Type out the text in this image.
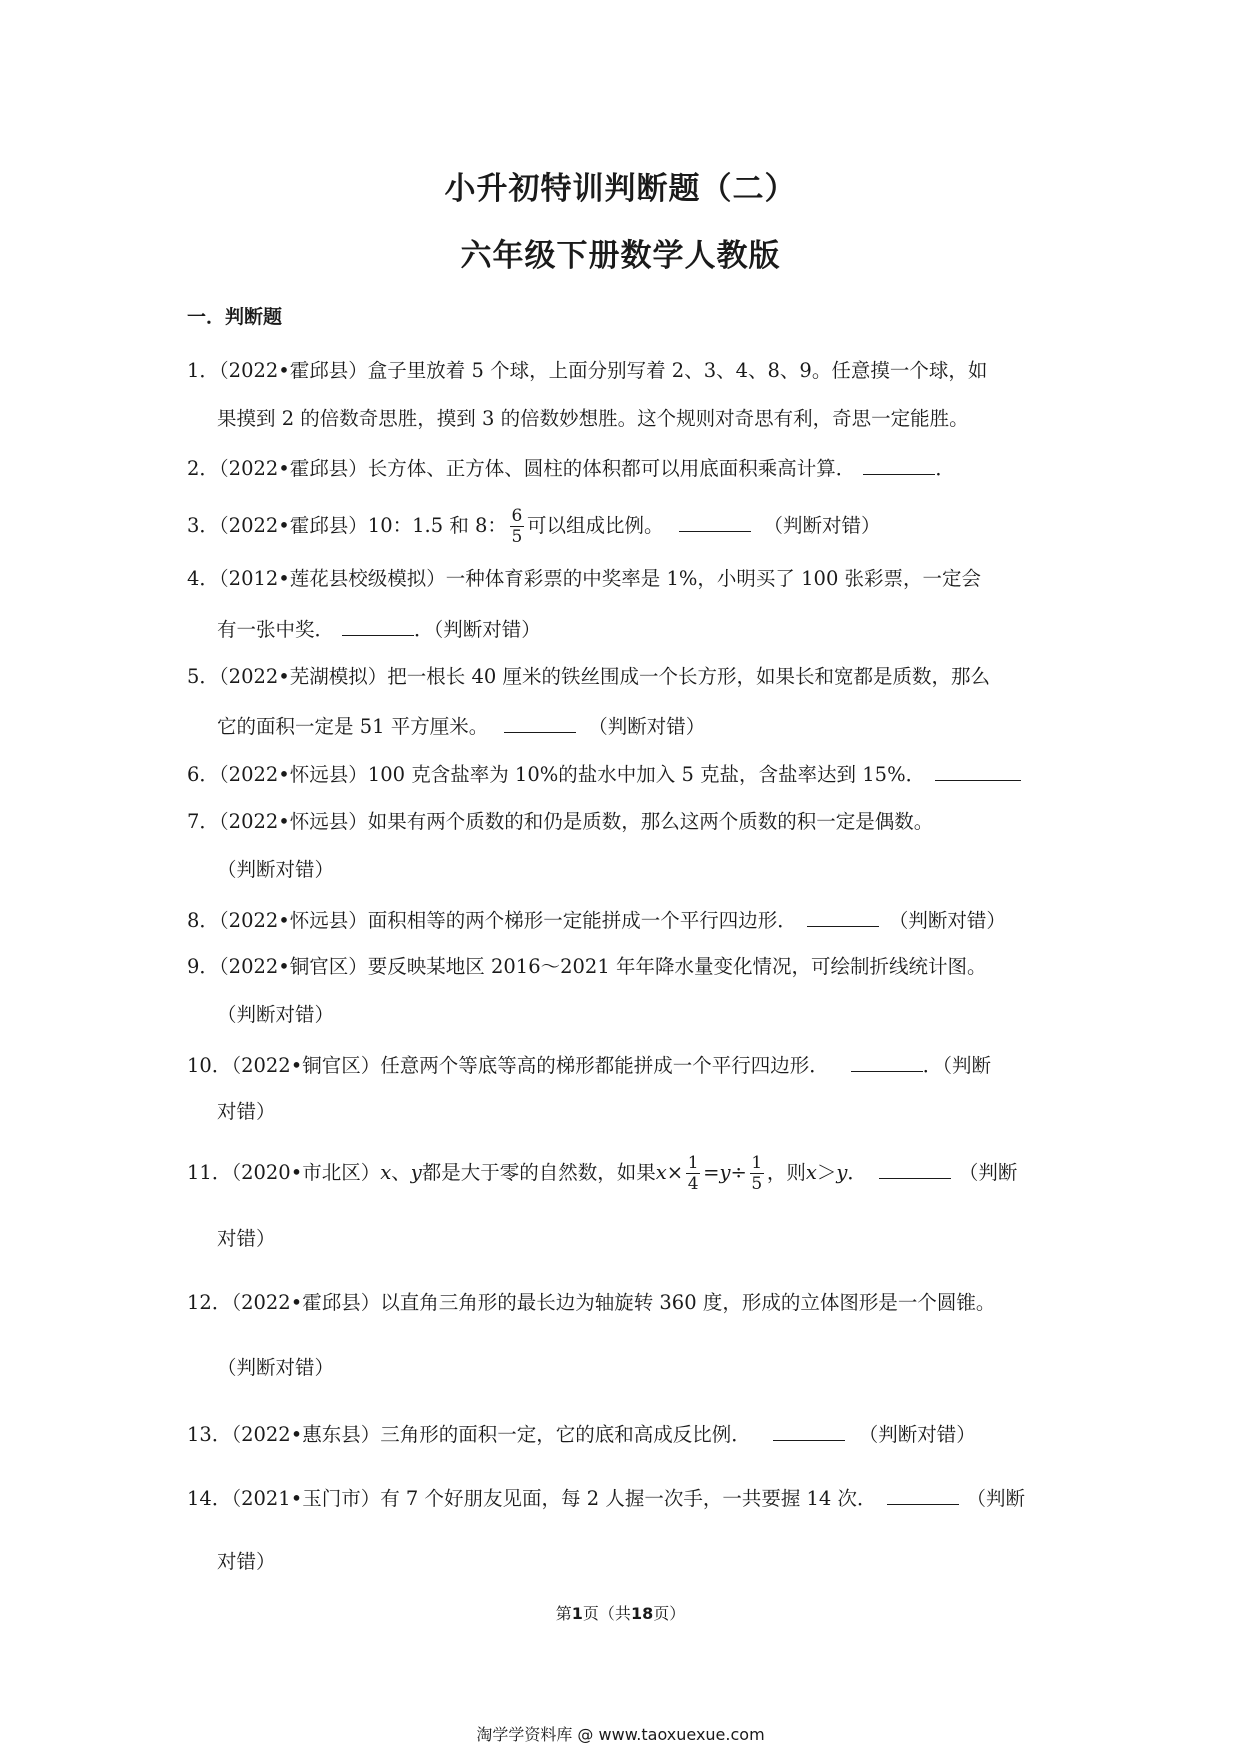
小升初特训判断题（二）
六年级下册数学人教版
一．判断题
1．（2022•霍邱县）盒子里放着 5 个球，上面分别写着 2、3、4、8、9。任意摸一个球，如
果摸到 2 的倍数奇思胜，摸到 3 的倍数妙想胜。这个规则对奇思有利，奇思一定能胜。
2．（2022•霍邱县）长方体、正方体、圆柱的体积都可以用底面积乘高计算．	．
3．（2022•霍邱县）10：1.5 和 8： $\frac{6}{5}$ 可以组成比例。	（判断对错）
4．（2012•莲花县校级模拟）一种体育彩票的中奖率是 1%，小明买了 100 张彩票，一定会
有一张中奖．	．（判断对错）
5．（2022•芜湖模拟）把一根长 40 厘米的铁丝围成一个长方形，如果长和宽都是质数，那么
它的面积一定是 51 平方厘米。	（判断对错）
6．（2022•怀远县）100 克含盐率为 10%的盐水中加入 5 克盐，含盐率达到 15%．
7．（2022•怀远县）如果有两个质数的和仍是质数，那么这两个质数的积一定是偶数。
（判断对错）
8．（2022•怀远县）面积相等的两个梯形一定能拼成一个平行四边形．	（判断对错）
9．（2022•铜官区）要反映某地区 2016～2021 年年降水量变化情况，可绘制折线统计图。
（判断对错）
10．（2022•铜官区）任意两个等底等高的梯形都能拼成一个平行四边形．	．（判断
对错）
11．（2020•市北区）x、y都是大于零的自然数，如果$x\times \frac{1}{4} =y\div \frac{1}{5}$ ，则x＞y．	（判断
对错）
12．（2022•霍邱县）以直角三角形的最长边为轴旋转 360 度，形成的立体图形是一个圆锥。
（判断对错）
13．（2022•惠东县）三角形的面积一定，它的底和高成反比例．	（判断对错）
14．（2021•玉门市）有 7 个好朋友见面，每 2 人握一次手，一共要握 14 次．	（判断
对错）
第1页（共18页）
淘学学资料库 @ www.taoxuexue.com
